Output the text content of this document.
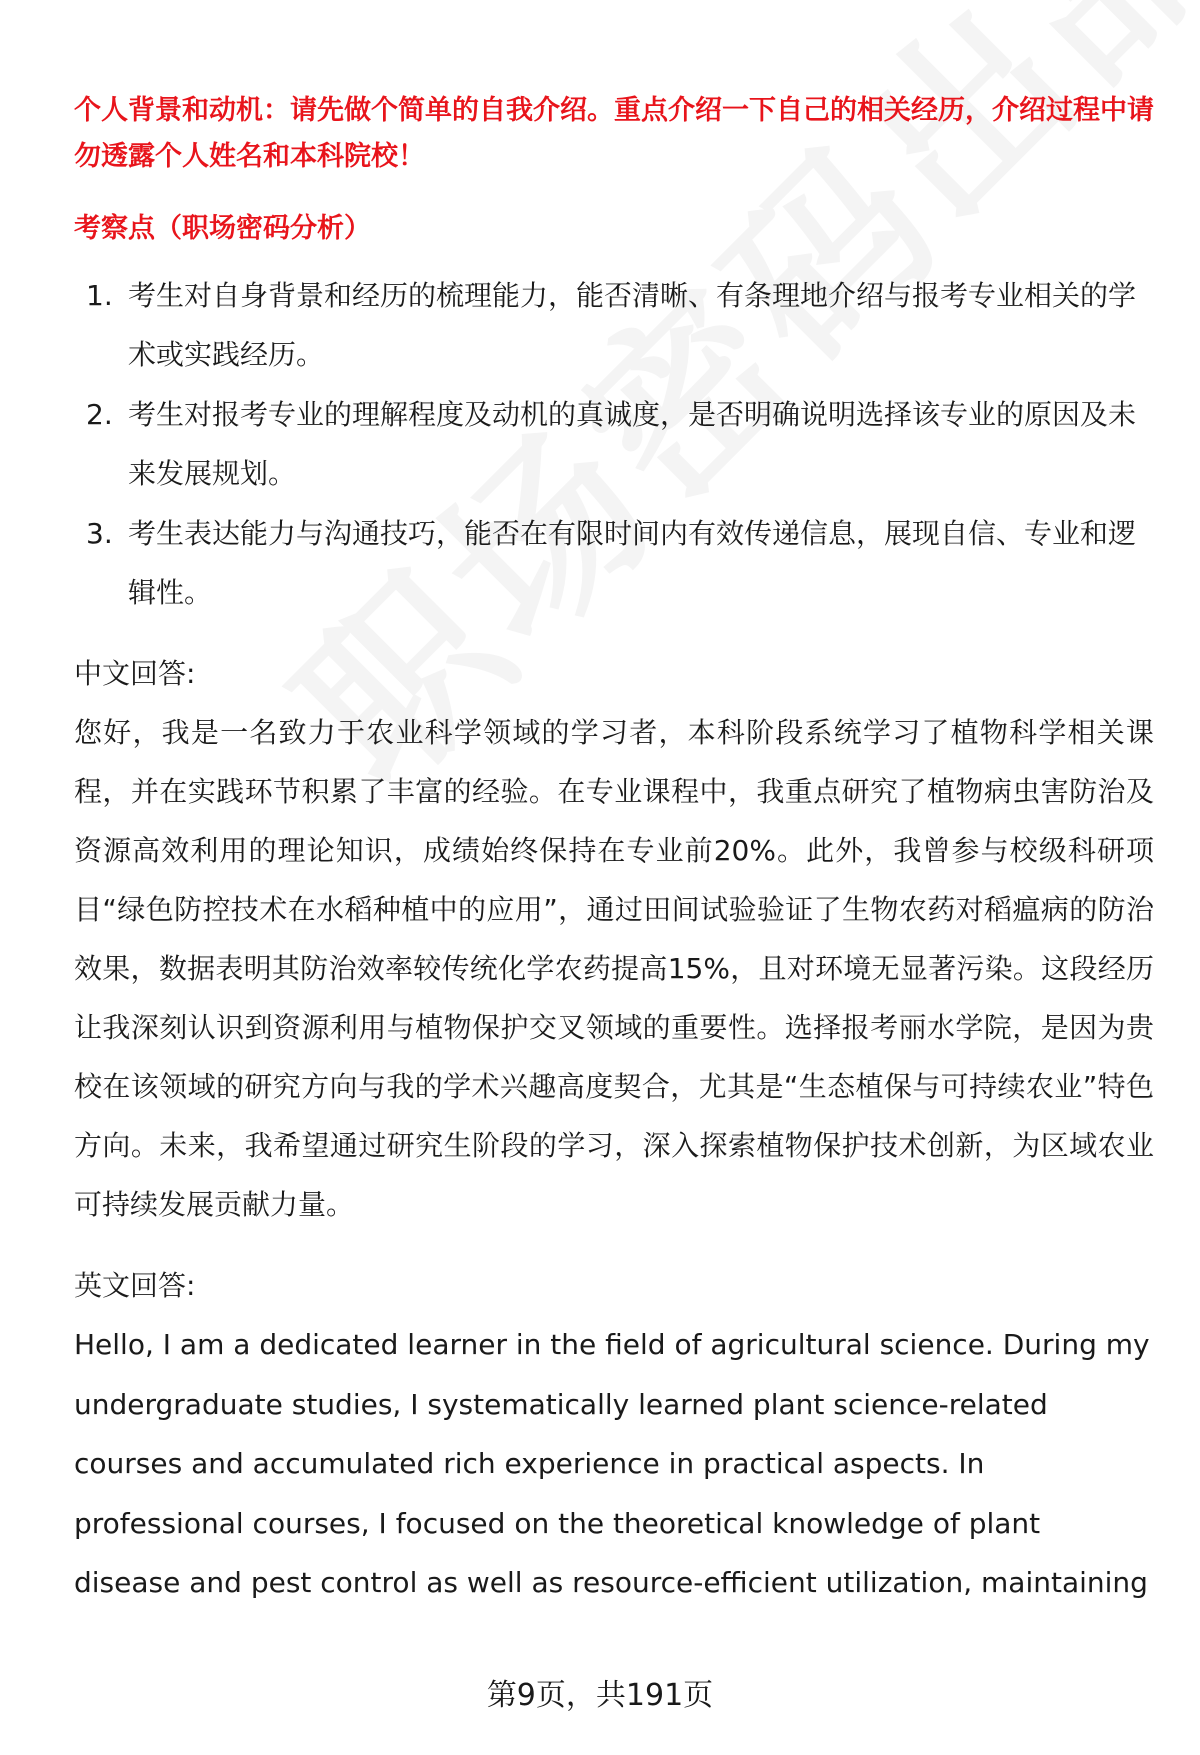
个人背景和动机：请先做个简单的自我介绍。重点介绍一下自己的相关经历，介绍过程中请勿透露个人姓名和本科院校！

考察点（职场密码分析）

1. 考生对自身背景和经历的梳理能力，能否清晰、有条理地介绍与报考专业相关的学术或实践经历。
2. 考生对报考专业的理解程度及动机的真诚度，是否明确说明选择该专业的原因及未来发展规划。
3. 考生表达能力与沟通技巧，能否在有限时间内有效传递信息，展现自信、专业和逻辑性。

中文回答:

您好，我是一名致力于农业科学领域的学习者，本科阶段系统学习了植物科学相关课程，并在实践环节积累了丰富的经验。在专业课程中，我重点研究了植物病虫害防治及资源高效利用的理论知识，成绩始终保持在专业前20%。此外，我曾参与校级科研项目“绿色防控技术在水稻种植中的应用”，通过田间试验验证了生物农药对稻瘟病的防治效果，数据表明其防治效率较传统化学农药提高15%，且对环境无显著污染。这段经历让我深刻认识到资源利用与植物保护交叉领域的重要性。选择报考丽水学院，是因为贵校在该领域的研究方向与我的学术兴趣高度契合，尤其是“生态植保与可持续农业”特色方向。未来，我希望通过研究生阶段的学习，深入探索植物保护技术创新，为区域农业可持续发展贡献力量。

英文回答:

Hello, I am a dedicated learner in the field of agricultural science. During my undergraduate studies, I systematically learned plant science-related courses and accumulated rich experience in practical aspects. In professional courses, I focused on the theoretical knowledge of plant disease and pest control as well as resource-efficient utilization, maintaining

第9页，共191页
